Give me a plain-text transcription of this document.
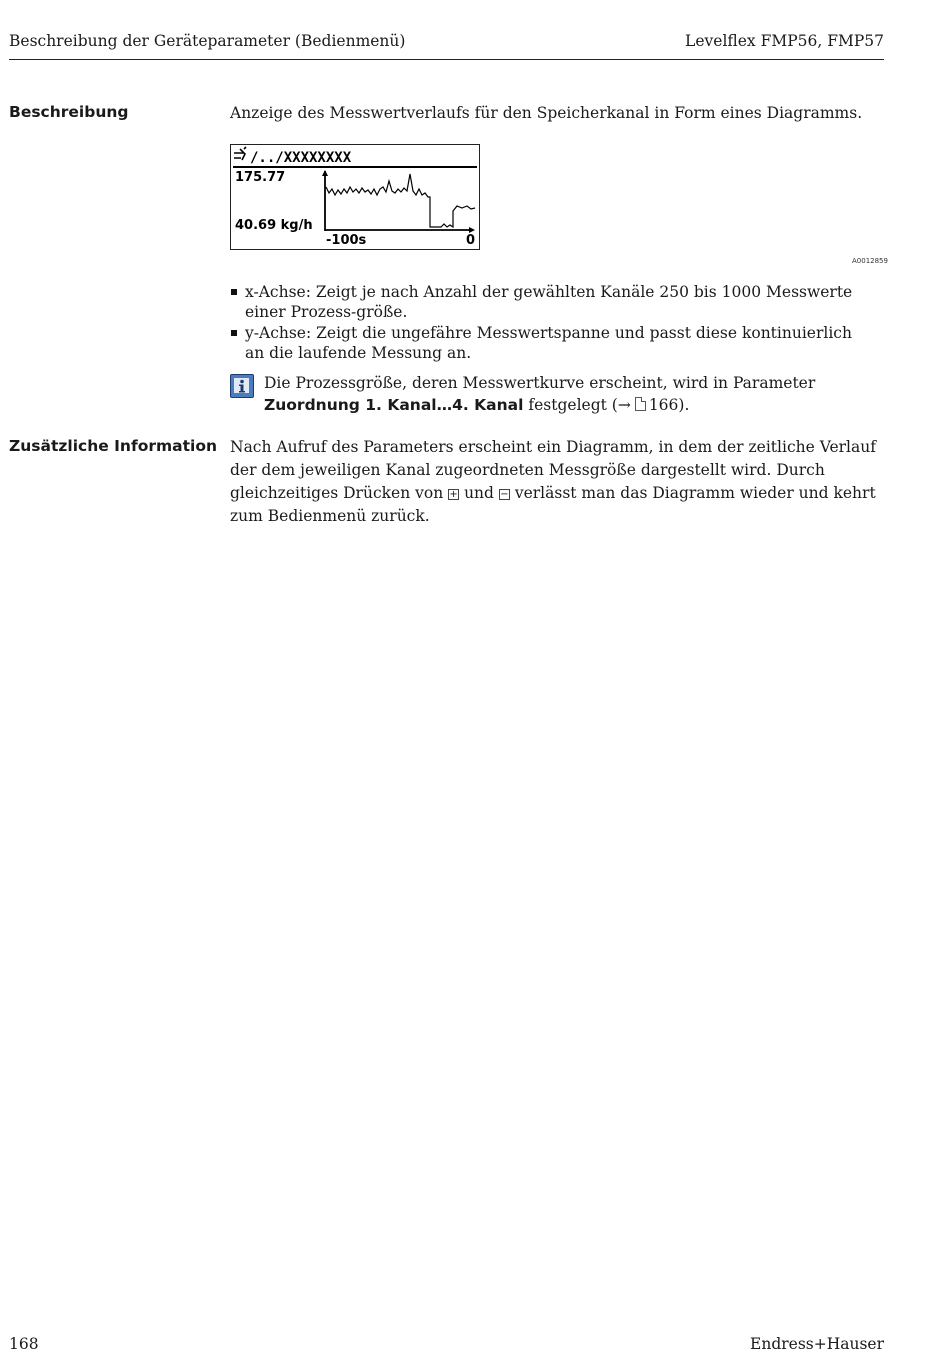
Beschreibung der Geräteparameter (Bedienmenü)	Levelflex FMP56, FMP57
Beschreibung	Anzeige des Messwertverlaufs für den Speicherkanal in Form eines Diagramms.
/../XXXXXXXX
175.77
40.69 kg/h
-100s	0
A0012859
x-Achse: Zeigt je nach Anzahl der gewählten Kanäle 250 bis 1000 Messwerte einer Prozess-größe.
y-Achse: Zeigt die ungefähre Messwertspanne und passt diese kontinuierlich an die laufende Messung an.
Die Prozessgröße, deren Messwertkurve erscheint, wird in Parameter Zuordnung 1. Kanal…4. Kanal festgelegt (→ 166).
Zusätzliche Information Nach Aufruf des Parameters erscheint ein Diagramm, in dem der zeitliche Verlauf der dem jeweiligen Kanal zugeordneten Messgröße dargestellt wird. Durch gleichzeitiges Drücken von + und − verlässt man das Diagramm wieder und kehrt zum Bedienmenü zurück.
168	Endress+Hauser
